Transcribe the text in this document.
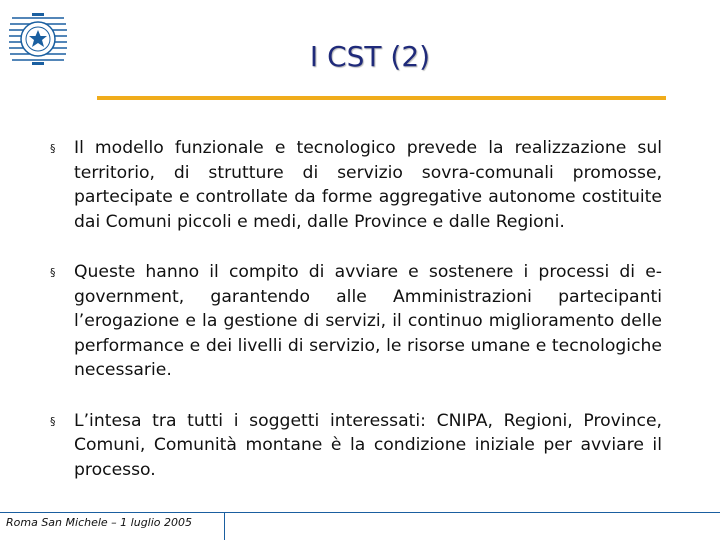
I CST (2)
§	Il modello funzionale e tecnologico prevede la realizzazione sul territorio, di strutture di servizio sovra-comunali promosse, partecipate e controllate da forme aggregative autonome costituite dai Comuni piccoli e medi, dalle Province e dalle Regioni.
§	Queste hanno il compito di avviare e sostenere i processi di e-government, garantendo alle Amministrazioni partecipanti l’erogazione e la gestione di servizi, il continuo miglioramento delle performance e dei livelli di servizio, le risorse umane e tecnologiche necessarie.
§	L’intesa tra tutti i soggetti interessati: CNIPA, Regioni, Province, Comuni, Comunità montane è la condizione iniziale per avviare il processo.
Roma San Michele – 1 luglio 2005
